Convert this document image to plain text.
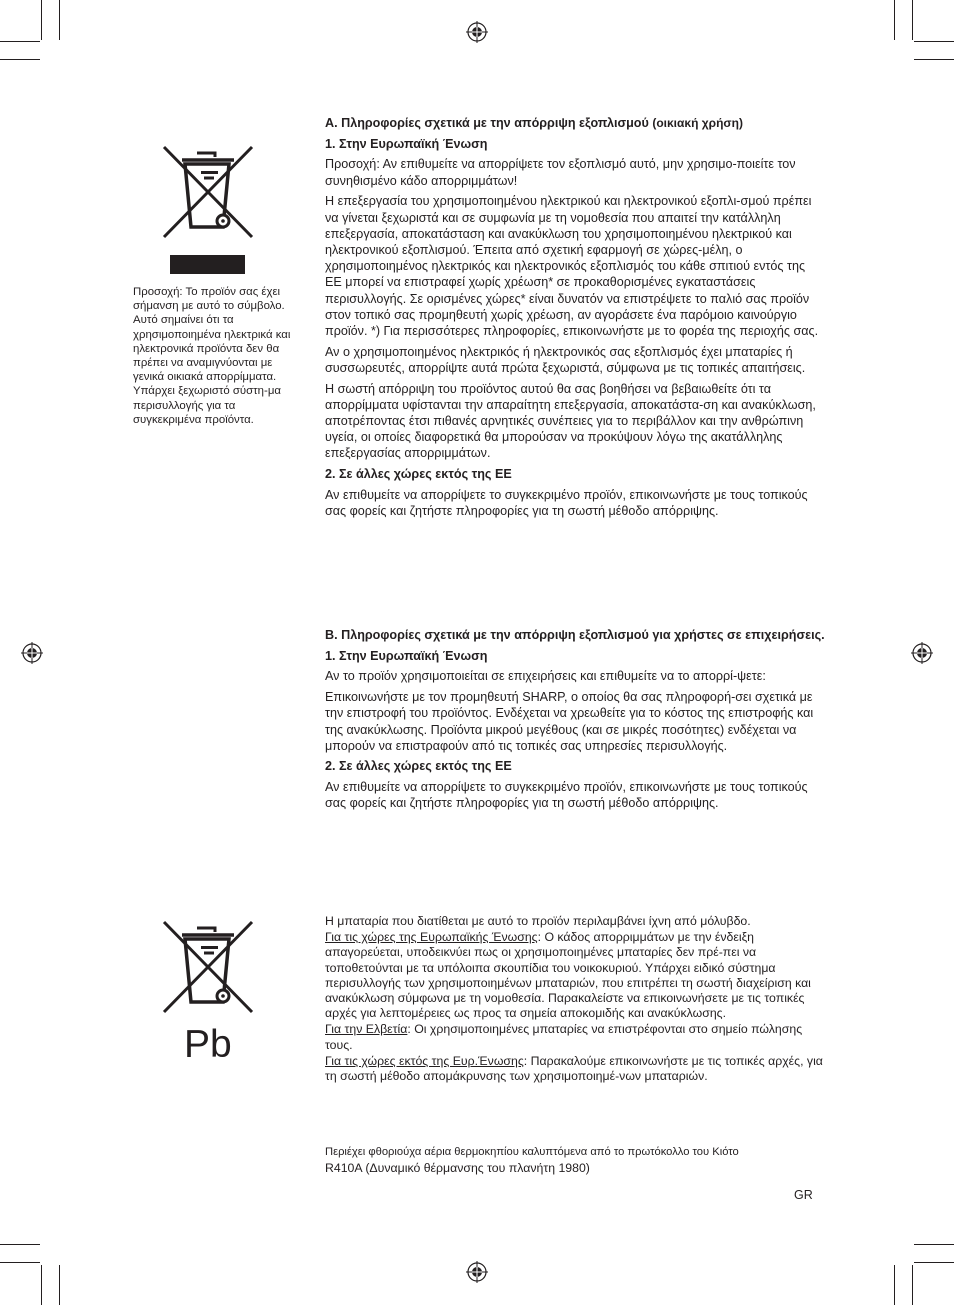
Προσοχή: Το προϊόν σας έχει σήμανση με αυτό το σύμβολο. Αυτό σημαίνει ότι τα χρησιμοποιημένα ηλεκτρικά και ηλεκτρονικά προϊόντα δεν θα πρέπει να αναμιγνύονται με γενικά οικιακά απορρίμματα. Υπάρχει ξεχωριστό σύστη-μα περισυλλογής για τα συγκεκριμένα προϊόντα.
A. Πληροφορίες σχετικά με την απόρριψη εξοπλισμού (οικιακή χρήση)
1. Στην Ευρωπαϊκή Ένωση

Προσοχή: Αν επιθυμείτε να απορρίψετε τον εξοπλισμό αυτό, μην χρησιμο-ποιείτε τον συνηθισμένο κάδο απορριμμάτων!

Η επεξεργασία του χρησιμοποιημένου ηλεκτρικού και ηλεκτρονικού εξοπλι-σμού πρέπει να γίνεται ξεχωριστά και σε συμφωνία με τη νομοθεσία που απαιτεί την κατάλληλη επεξεργασία, αποκατάσταση και ανακύκλωση του χρησιμοποιημένου ηλεκτρικού και ηλεκτρονικού εξοπλισμού. Έπειτα από σχετική εφαρμογή σε χώρες-μέλη, ο χρησιμοποιημένος ηλεκτρικός και ηλεκτρονικός εξοπλισμός του κάθε σπιτιού εντός της ΕΕ μπορεί να επιστραφεί χωρίς χρέωση* σε προκαθορισμένες εγκαταστάσεις περισυλλογής. Σε ορισμένες χώρες* είναι δυνατόν να επιστρέψετε το παλιό σας προϊόν στον τοπικό σας προμηθευτή χωρίς χρέωση, αν αγοράσετε ένα παρόμοιο καινούργιο προϊόν. *) Για περισσότερες πληροφορίες, επικοινωνήστε με το φορέα της περιοχής σας.

Αν ο χρησιμοποιημένος ηλεκτρικός ή ηλεκτρονικός σας εξοπλισμός έχει μπαταρίες ή συσσωρευτές, απορρίψτε αυτά πρώτα ξεχωριστά, σύμφωνα με τις τοπικές απαιτήσεις.

Η σωστή απόρριψη του προϊόντος αυτού θα σας βοηθήσει να βεβαιωθείτε ότι τα απορρίμματα υφίστανται την απαραίτητη επεξεργασία, αποκατάστα-ση και ανακύκλωση, αποτρέποντας έτσι πιθανές αρνητικές συνέπειες για το περιβάλλον και την ανθρώπινη υγεία, οι οποίες διαφορετικά θα μπορούσαν να προκύψουν λόγω της ακατάλληλης επεξεργασίας απορριμμάτων.

2. Σε άλλες χώρες εκτός της ΕΕ

Αν επιθυμείτε να απορρίψετε το συγκεκριμένο προϊόν, επικοινωνήστε με τους τοπικούς σας φορείς και ζητήστε πληροφορίες για τη σωστή μέθοδο απόρριψης.

B. Πληροφορίες σχετικά με την απόρριψη εξοπλισμού για χρήστες σε επιχειρήσεις.
1. Στην Ευρωπαϊκή Ένωση

Αν το προϊόν χρησιμοποιείται σε επιχειρήσεις και επιθυμείτε να το απορρί-ψετε:

Επικοινωνήστε με τον προμηθευτή SHARP, ο οποίος θα σας πληροφορή-σει σχετικά με την επιστροφή του προϊόντος. Ενδέχεται να χρεωθείτε για το κόστος της επιστροφής και της ανακύκλωσης. Προϊόντα μικρού μεγέθους (και σε μικρές ποσότητες) ενδέχεται να μπορούν να επιστραφούν από τις τοπικές σας υπηρεσίες περισυλλογής.

2. Σε άλλες χώρες εκτός της ΕΕ

Αν επιθυμείτε να απορρίψετε το συγκεκριμένο προϊόν, επικοινωνήστε με τους τοπικούς σας φορείς και ζητήστε πληροφορίες για τη σωστή μέθοδο απόρριψης.

Pb

Η μπαταρία που διατίθεται με αυτό το προϊόν περιλαμβάνει ίχνη από μόλυβδο.

Για τις χώρες της Ευρωπαϊκής Ένωσης: Ο κάδος απορριμμάτων με την ένδειξη απαγορεύεται, υποδεικνύει πως οι χρησιμοποιημένες μπαταρίες δεν πρέ-πει να τοποθετούνται με τα υπόλοιπα σκουπίδια του νοικοκυριού. Υπάρχει ειδικό σύστημα περισυλλογής των χρησιμοποιημένων μπαταριών, που επιτρέπει τη σωστή διαχείριση και ανακύκλωση σύμφωνα με τη νομοθεσία. Παρακαλείστε να επικοινωνήσετε με τις τοπικές αρχές για λεπτομέρειες ως προς τα σημεία αποκομιδής και ανακύκλωσης.

Για την Ελβετία: Οι χρησιμοποιημένες μπαταρίες να επιστρέφονται στο σημείο πώλησης τους.

Για τις χώρες εκτός της Ευρ.Ένωσης: Παρακαλούμε επικοινωνήστε με τις τοπικές αρχές, για τη σωστή μέθοδο απομάκρυνσης των χρησιμοποιημέ-νων μπαταριών.

Περιέχει φθοριούχα αέρια θερμοκηπίου καλυπτόμενα από το πρωτόκολλο του Κιότο
R410A (Δυναμικό θέρμανσης του πλανήτη 1980)
GR
